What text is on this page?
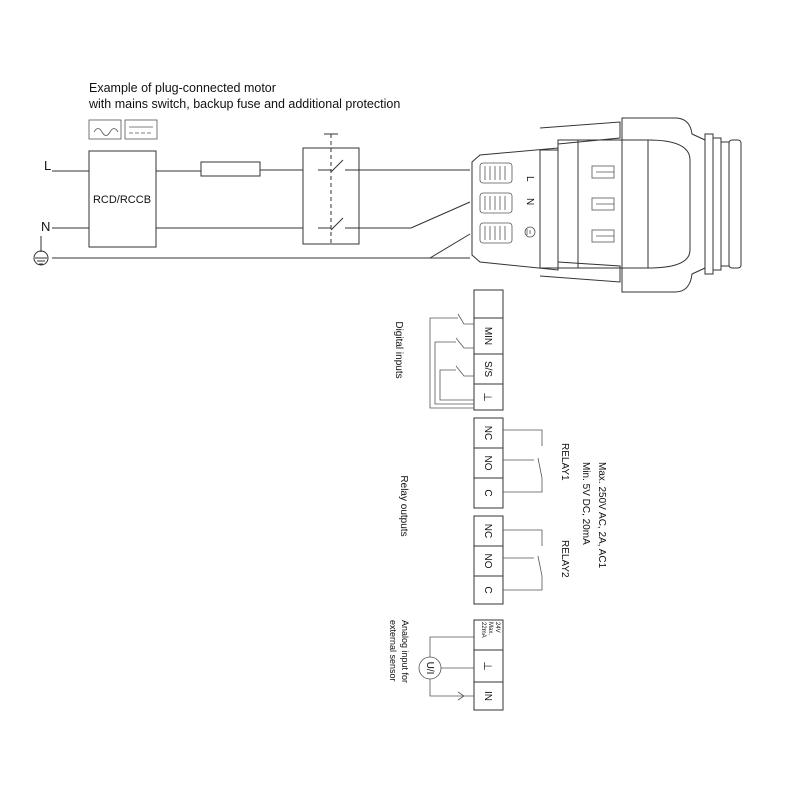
Example of plug-connected motor
with mains switch, backup fuse and additional protection
L
N
RCD/RCCB
L
N
MIN
S/S
⊥
Digital inputs
NC
NO
C
RELAY1
NC
NO
C
RELAY2
Relay outputs	Max. 250V AC, 2A, AC1
Min. 5V DC, 20mA
24V
Max.
22mA
⊥
IN
U/I
Analog input for
external sensor
